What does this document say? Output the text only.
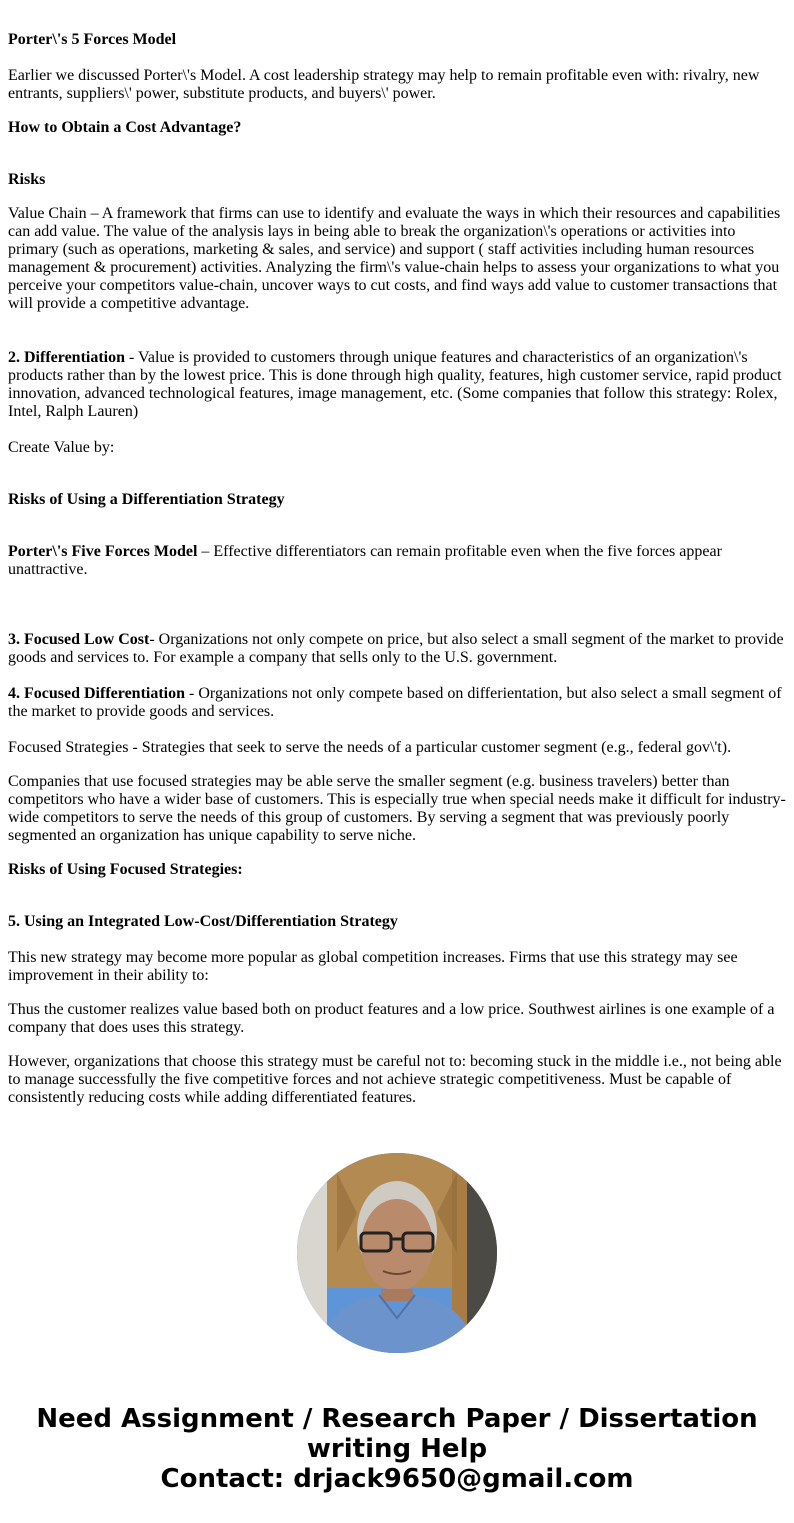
Porter\'s 5 Forces Model

Earlier we discussed Porter\'s Model. A cost leadership strategy may help to remain profitable even with: rivalry, new entrants, suppliers\' power, substitute products, and buyers\' power.

How to Obtain a Cost Advantage?

Risks

Value Chain – A framework that firms can use to identify and evaluate the ways in which their resources and capabilities can add value. The value of the analysis lays in being able to break the organization\'s operations or activities into primary (such as operations, marketing & sales, and service) and support ( staff activities including human resources management & procurement) activities. Analyzing the firm\'s value-chain helps to assess your organizations to what you perceive your competitors value-chain, uncover ways to cut costs, and find ways add value to customer transactions that will provide a competitive advantage.

2. Differentiation - Value is provided to customers through unique features and characteristics of an organization\'s products rather than by the lowest price. This is done through high quality, features, high customer service, rapid product innovation, advanced technological features, image management, etc. (Some companies that follow this strategy: Rolex, Intel, Ralph Lauren)

Create Value by:

Risks of Using a Differentiation Strategy

Porter\'s Five Forces Model – Effective differentiators can remain profitable even when the five forces appear unattractive.

3. Focused Low Cost- Organizations not only compete on price, but also select a small segment of the market to provide goods and services to. For example a company that sells only to the U.S. government.

4. Focused Differentiation - Organizations not only compete based on differientation, but also select a small segment of the market to provide goods and services.

Focused Strategies - Strategies that seek to serve the needs of a particular customer segment (e.g., federal gov\'t).

Companies that use focused strategies may be able serve the smaller segment (e.g. business travelers) better than competitors who have a wider base of customers. This is especially true when special needs make it difficult for industry-wide competitors to serve the needs of this group of customers. By serving a segment that was previously poorly segmented an organization has unique capability to serve niche.

Risks of Using Focused Strategies:

5. Using an Integrated Low-Cost/Differentiation Strategy

This new strategy may become more popular as global competition increases. Firms that use this strategy may see improvement in their ability to:

Thus the customer realizes value based both on product features and a low price. Southwest airlines is one example of a company that does uses this strategy.

However, organizations that choose this strategy must be careful not to: becoming stuck in the middle i.e., not being able to manage successfully the five competitive forces and not achieve strategic competitiveness. Must be capable of consistently reducing costs while adding differentiated features.

Need Assignment / Research Paper / Dissertation writing Help
Contact: drjack9650@gmail.com
